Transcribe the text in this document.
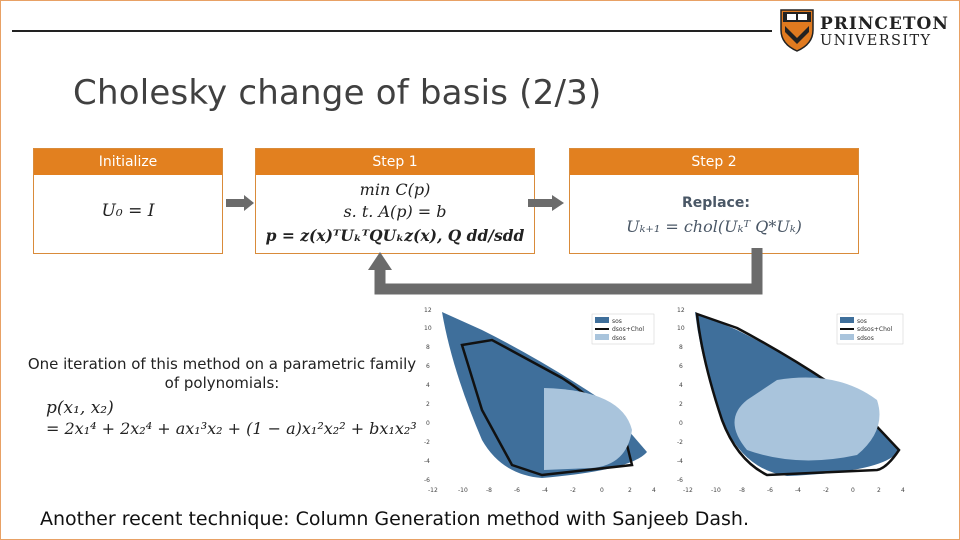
PRINCETON
UNIVERSITY
Cholesky change of basis (2/3)
Initialize
U₀ = I
Step 1
min C(p)
s. t. A(p) = b
p = z(x)ᵀUₖᵀQUₖz(x), Q dd/sdd
Step 2
Replace:
Uₖ₊₁ = chol(Uₖᵀ Q*Uₖ)
One iteration of this method on a parametric family of polynomials:
p(x₁, x₂)
= 2x₁⁴ + 2x₂⁴ + ax₁³x₂ + (1 − a)x₁²x₂² + bx₁x₂³
sos
dsos+Chol
dsos
12
10
8
6
4
2
0
-2
-4
-6
-12	-10	-8	-6	-4	-2	0	2	4
sos
sdsos+Chol
sdsos
12
10
8
6
4
2
0
-2
-4
-6
-12	-10	-8	-6	-4	-2	0	2	4
Another recent technique: Column Generation method with Sanjeeb Dash.
